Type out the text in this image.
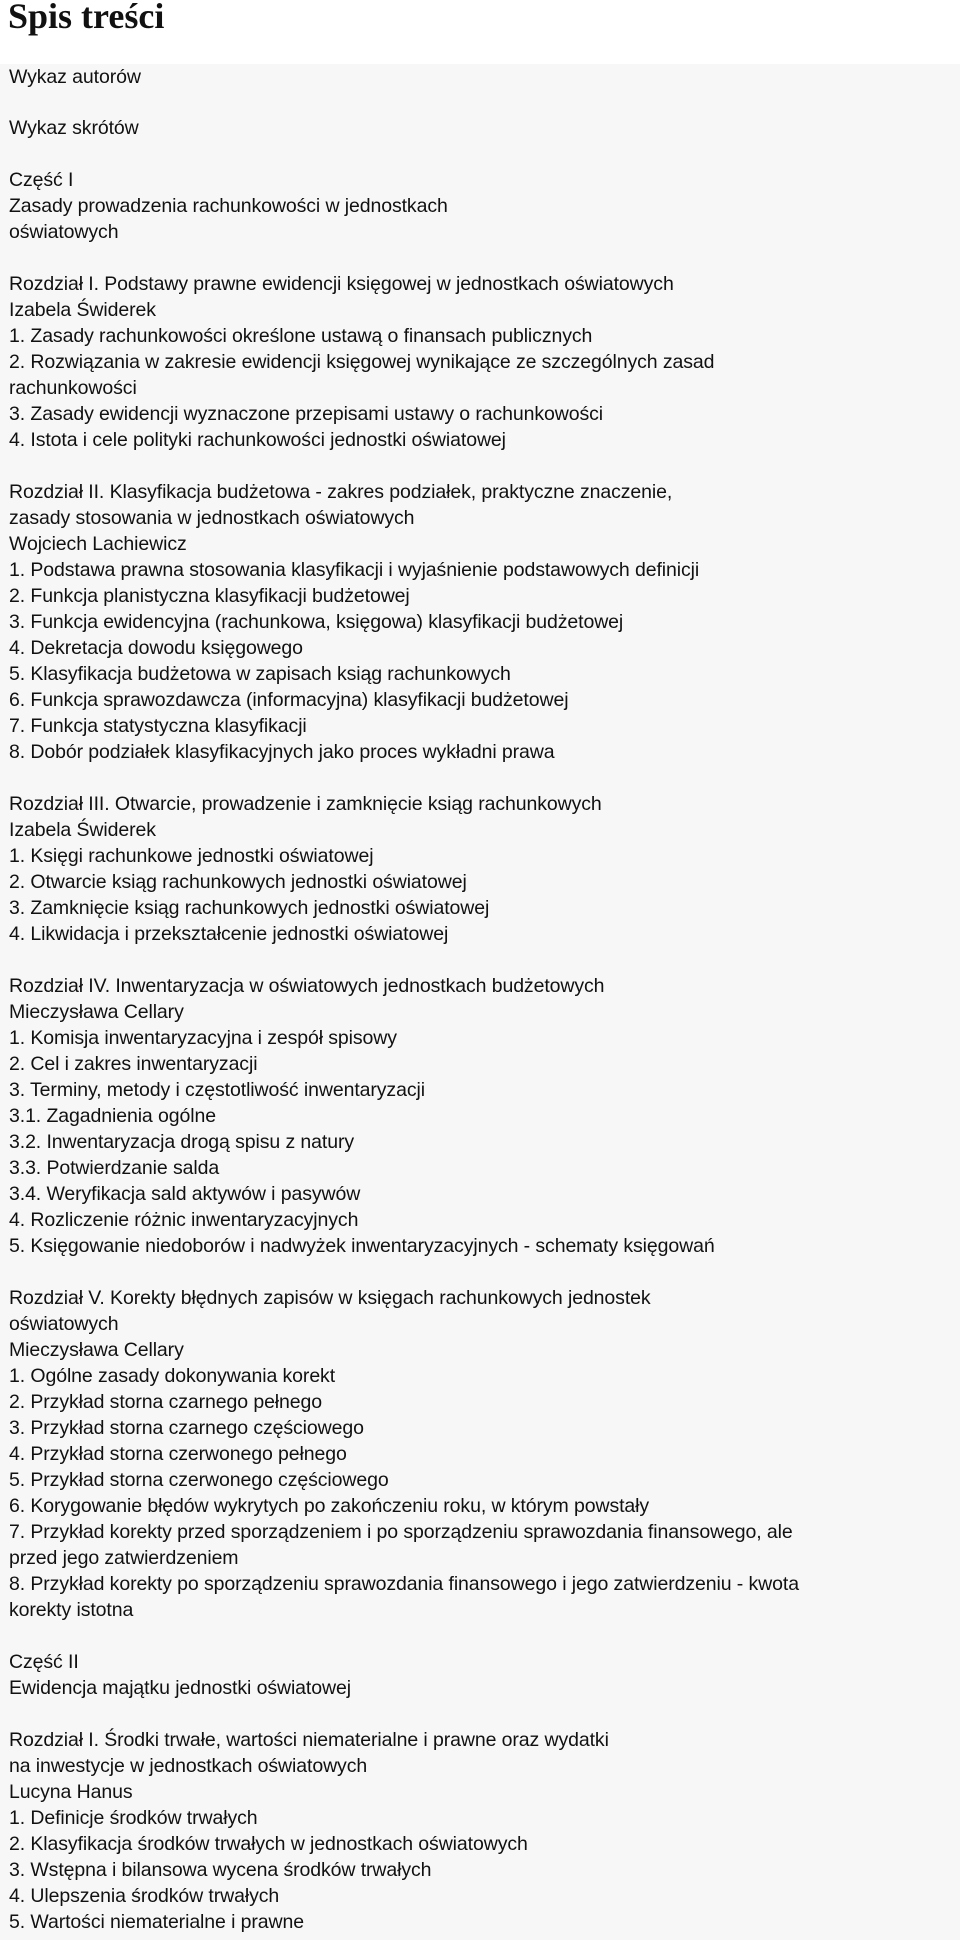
Spis treści
Wykaz autorów
Wykaz skrótów
Część I
Zasady prowadzenia rachunkowości w jednostkach
oświatowych
Rozdział I. Podstawy prawne ewidencji księgowej w jednostkach oświatowych
Izabela Świderek
1. Zasady rachunkowości określone ustawą o finansach publicznych
2. Rozwiązania w zakresie ewidencji księgowej wynikające ze szczególnych zasad
rachunkowości
3. Zasady ewidencji wyznaczone przepisami ustawy o rachunkowości
4. Istota i cele polityki rachunkowości jednostki oświatowej
Rozdział II. Klasyfikacja budżetowa - zakres podziałek, praktyczne znaczenie,
zasady stosowania w jednostkach oświatowych
Wojciech Lachiewicz
1. Podstawa prawna stosowania klasyfikacji i wyjaśnienie podstawowych definicji
2. Funkcja planistyczna klasyfikacji budżetowej
3. Funkcja ewidencyjna (rachunkowa, księgowa) klasyfikacji budżetowej
4. Dekretacja dowodu księgowego
5. Klasyfikacja budżetowa w zapisach ksiąg rachunkowych
6. Funkcja sprawozdawcza (informacyjna) klasyfikacji budżetowej
7. Funkcja statystyczna klasyfikacji
8. Dobór podziałek klasyfikacyjnych jako proces wykładni prawa
Rozdział III. Otwarcie, prowadzenie i zamknięcie ksiąg rachunkowych
Izabela Świderek
1. Księgi rachunkowe jednostki oświatowej
2. Otwarcie ksiąg rachunkowych jednostki oświatowej
3. Zamknięcie ksiąg rachunkowych jednostki oświatowej
4. Likwidacja i przekształcenie jednostki oświatowej
Rozdział IV. Inwentaryzacja w oświatowych jednostkach budżetowych
Mieczysława Cellary
1. Komisja inwentaryzacyjna i zespół spisowy
2. Cel i zakres inwentaryzacji
3. Terminy, metody i częstotliwość inwentaryzacji
3.1. Zagadnienia ogólne
3.2. Inwentaryzacja drogą spisu z natury
3.3. Potwierdzanie salda
3.4. Weryfikacja sald aktywów i pasywów
4. Rozliczenie różnic inwentaryzacyjnych
5. Księgowanie niedoborów i nadwyżek inwentaryzacyjnych - schematy księgowań
Rozdział V. Korekty błędnych zapisów w księgach rachunkowych jednostek
oświatowych
Mieczysława Cellary
1. Ogólne zasady dokonywania korekt
2. Przykład storna czarnego pełnego
3. Przykład storna czarnego częściowego
4. Przykład storna czerwonego pełnego
5. Przykład storna czerwonego częściowego
6. Korygowanie błędów wykrytych po zakończeniu roku, w którym powstały
7. Przykład korekty przed sporządzeniem i po sporządzeniu sprawozdania finansowego, ale
przed jego zatwierdzeniem
8. Przykład korekty po sporządzeniu sprawozdania finansowego i jego zatwierdzeniu - kwota
korekty istotna
Część II
Ewidencja majątku jednostki oświatowej
Rozdział I. Środki trwałe, wartości niematerialne i prawne oraz wydatki
na inwestycje w jednostkach oświatowych
Lucyna Hanus
1. Definicje środków trwałych
2. Klasyfikacja środków trwałych w jednostkach oświatowych
3. Wstępna i bilansowa wycena środków trwałych
4. Ulepszenia środków trwałych
5. Wartości niematerialne i prawne
